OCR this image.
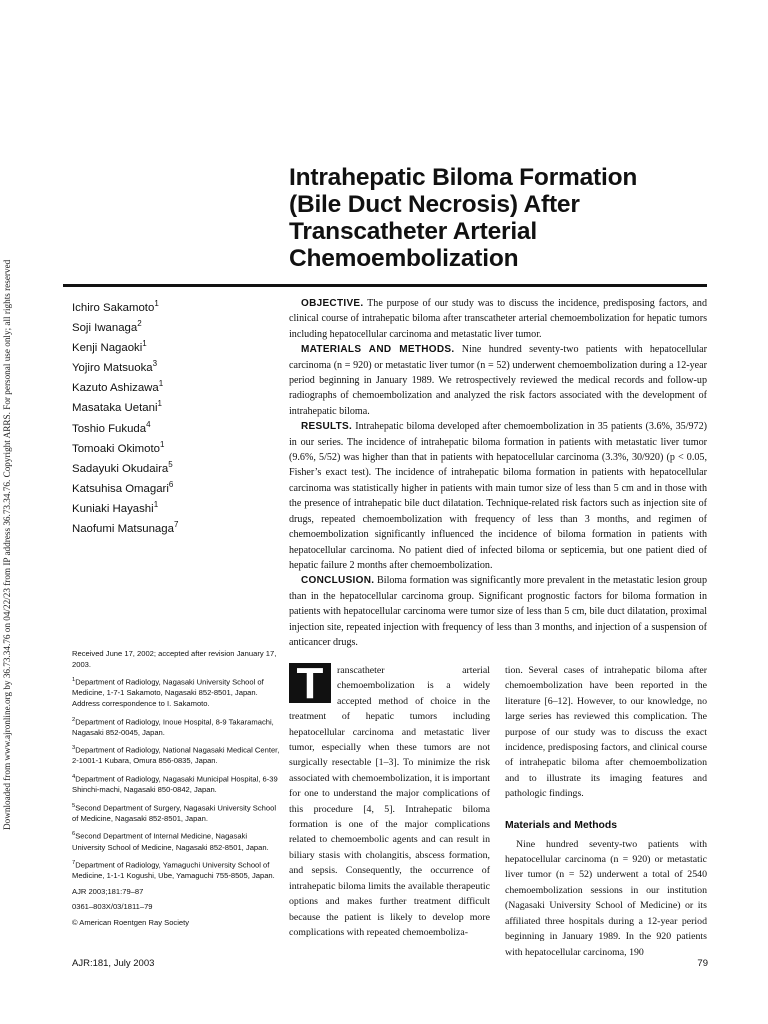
Downloaded from www.ajronline.org by 36.73.34.76 on 04/22/23 from IP address 36.73.34.76. Copyright ARRS. For personal use only; all rights reserved
Intrahepatic Biloma Formation
(Bile Duct Necrosis) After
Transcatheter Arterial
Chemoembolization
Ichiro Sakamoto$^1$
Soji Iwanaga$^2$
Kenji Nagaoki$^1$
Yojiro Matsuoka$^3$
Kazuto Ashizawa$^1$
Masataka Uetani$^1$
Toshio Fukuda$^4$
Tomoaki Okimoto$^1$
Sadayuki Okudaira$^5$
Katsuhisa Omagari$^6$
Kuniaki Hayashi$^1$
Naofumi Matsunaga$^7$

OBJECTIVE. The purpose of our study was to discuss the incidence, predisposing factors, and clinical course of intrahepatic biloma after transcatheter arterial chemoembolization for hepatic tumors including hepatocellular carcinoma and metastatic liver tumor.

MATERIALS AND METHODS. Nine hundred seventy-two patients with hepatocellular carcinoma (n = 920) or metastatic liver tumor (n = 52) underwent chemoembolization during a 12-year period beginning in January 1989. We retrospectively reviewed the medical records and follow-up radiographs of chemoembolization and analyzed the risk factors associated with the development of intrahepatic biloma.

RESULTS. Intrahepatic biloma developed after chemoembolization in 35 patients (3.6%, 35/972) in our series. The incidence of intrahepatic biloma formation in patients with metastatic liver tumor (9.6%, 5/52) was higher than that in patients with hepatocellular carcinoma (3.3%, 30/920) (p < 0.05, Fisher’s exact test). The incidence of intrahepatic biloma formation in patients with hepatocellular carcinoma was statistically higher in patients with main tumor size of less than 5 cm and in those with the presence of intrahepatic bile duct dilatation. Technique-related risk factors such as injection site of drugs, repeated chemoembolization with frequency of less than 3 months, and regimen of chemoembolization significantly influenced the incidence of biloma formation in patients with hepatocellular carcinoma. No patient died of infected biloma or septicemia, but one patient died of hepatic failure 2 months after chemoembolization.

CONCLUSION. Biloma formation was significantly more prevalent in the metastatic lesion group than in the hepatocellular carcinoma group. Significant prognostic factors for biloma formation in patients with hepatocellular carcinoma were tumor size of less than 5 cm, bile duct dilatation, proximal injection site, repeated injection with frequency of less than 3 months, and injection of a suspension of anticancer drugs.

Received June 17, 2002; accepted after revision January 17, 2003.

$^1$Department of Radiology, Nagasaki University School of Medicine, 1-7-1 Sakamoto, Nagasaki 852-8501, Japan. Address correspondence to I. Sakamoto.

$^2$Department of Radiology, Inoue Hospital, 8-9 Takaramachi, Nagasaki 852-0045, Japan.

$^3$Department of Radiology, National Nagasaki Medical Center, 2-1001-1 Kubara, Omura 856-0835, Japan.

$^4$Department of Radiology, Nagasaki Municipal Hospital, 6-39 Shinchi-machi, Nagasaki 850-0842, Japan.

$^5$Second Department of Surgery, Nagasaki University School of Medicine, Nagasaki 852-8501, Japan.

$^6$Second Department of Internal Medicine, Nagasaki University School of Medicine, Nagasaki 852-8501, Japan.

$^7$Department of Radiology, Yamaguchi University School of Medicine, 1-1-1 Kogushi, Ube, Yamaguchi 755-8505, Japan.

AJR 2003;181:79–87

0361–803X/03/1811–79

© American Roentgen Ray Society

T	ranscatheter arterial chemoembolization is a widely accepted method of choice in the treatment of hepatic tumors including hepatocellular carcinoma and metastatic liver tumor, especially when these tumors are not surgically resectable [1–3]. To minimize the risk associated with chemoembolization, it is important for one to understand the major complications of this procedure [4, 5]. Intrahepatic biloma formation is one of the major complications related to chemoembolic agents and can result in biliary stasis with cholangitis, abscess formation, and sepsis. Consequently, the occurrence of intrahepatic biloma limits the available therapeutic options and makes further treatment difficult because the patient is likely to develop more complications with repeated chemoemboliza-

tion. Several cases of intrahepatic biloma after chemoembolization have been reported in the literature [6–12]. However, to our knowledge, no large series has reviewed this complication. The purpose of our study was to discuss the exact incidence, predisposing factors, and clinical course of intrahepatic biloma after chemoembolization and to illustrate its imaging features and pathologic findings.

Materials and Methods

Nine hundred seventy-two patients with hepatocellular carcinoma (n = 920) or metastatic liver tumor (n = 52) underwent a total of 2540 chemoembolization sessions in our institution (Nagasaki University School of Medicine) or its affiliated three hospitals during a 12-year period beginning in January 1989. In the 920 patients with hepatocellular carcinoma, 190

AJR:181, July 2003	79
